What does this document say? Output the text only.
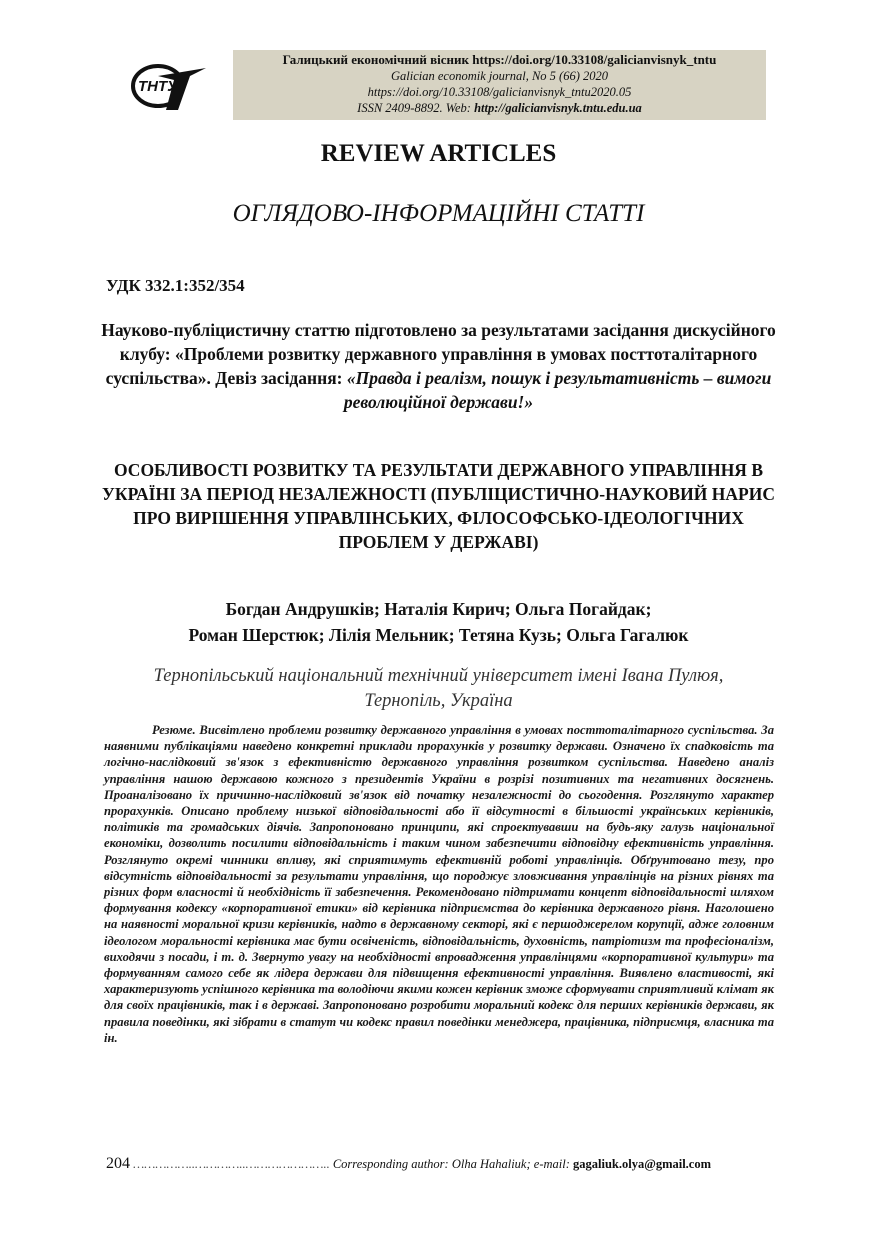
ТНТУ
Галицький економічний вісник https://doi.org/10.33108/galicianvisnyk_tntu
Galician economik journal, No 5 (66) 2020
https://doi.org/10.33108/galicianvisnyk_tntu2020.05
ISSN 2409-8892. Web: http://galicianvisnyk.tntu.edu.ua
REVIEW ARTICLES
ОГЛЯДОВО-ІНФОРМАЦІЙНІ СТАТТІ
УДК 332.1:352/354
Науково-публіцистичну статтю підготовлено за результатами засідання дискусійного клубу: «Проблеми розвитку державного управління в умовах посттоталітарного суспільства». Девіз засідання: «Правда і реалізм, пошук і результативність – вимоги революційної держави!»
ОСОБЛИВОСТІ РОЗВИТКУ ТА РЕЗУЛЬТАТИ ДЕРЖАВНОГО УПРАВЛІННЯ В УКРАЇНІ ЗА ПЕРІОД НЕЗАЛЕЖНОСТІ (ПУБЛІЦИСТИЧНО-НАУКОВИЙ НАРИС ПРО ВИРІШЕННЯ УПРАВЛІНСЬКИХ, ФІЛОСОФСЬКО-ІДЕОЛОГІЧНИХ ПРОБЛЕМ У ДЕРЖАВІ)
Богдан Андрушків; Наталія Кирич; Ольга Погайдак;
Роман Шерстюк; Лілія Мельник; Тетяна Кузь; Ольга Гагалюк
Тернопільський національний технічний університет імені Івана Пулюя,
Тернопіль, Україна
Резюме. Висвітлено проблеми розвитку державного управління в умовах посттоталітарного суспільства. За наявними публікаціями наведено конкретні приклади прорахунків у розвитку держави. Означено їх спадковість та логічно-наслідковий зв'язок з ефективністю державного управління розвитком суспільства. Наведено аналіз управління нашою державою кожного з президентів України в розрізі позитивних та негативних досягнень. Проаналізовано їх причинно-наслідковий зв'язок від початку незалежності до сьогодення. Розглянуто характер прорахунків. Описано проблему низької відповідальності або її відсутності в більшості українських керівників, політиків та громадських діячів. Запропоновано принципи, які спроектувавши на будь-яку галузь національної економіки, дозволить посилити відповідальність і таким чином забезпечити відповідну ефективність управління. Розглянуто окремі чинники впливу, які сприятимуть ефективній роботі управлінців. Обґрунтовано тезу, про відсутність відповідальності за результати управління, що породжує зловживання управлінців на різних рівнях та різних форм власності й необхідність її забезпечення. Рекомендовано підтримати концепт відповідальності шляхом формування кодексу «корпоративної етики» від керівника підприємства до керівника державного рівня. Наголошено на наявності моральної кризи керівників, надто в державному секторі, які є першоджерелом корупції, адже головним ідеологом моральності керівника має бути освіченість, відповідальність, духовність, патріотизм та професіоналізм, виходячи з посади, і т. д. Звернуто увагу на необхідності впровадження управлінцями «корпоративної культури» та формуванням самого себе як лідера держави для підвищення ефективності управління. Виявлено властивості, які характеризують успішного керівника та володіючи якими кожен керівник зможе сформувати сприятливий клімат як для своїх працівників, так і в державі. Запропоновано розробити моральний кодекс для перших керівників держави, як правила поведінки, які зібрати в статут чи кодекс правил поведінки менеджера, працівника, підприємця, власника та ін.
204 ……………..…………..………………….. Corresponding author: Olha Hahaliuk; e-mail: gagaliuk.olya@gmail.com
